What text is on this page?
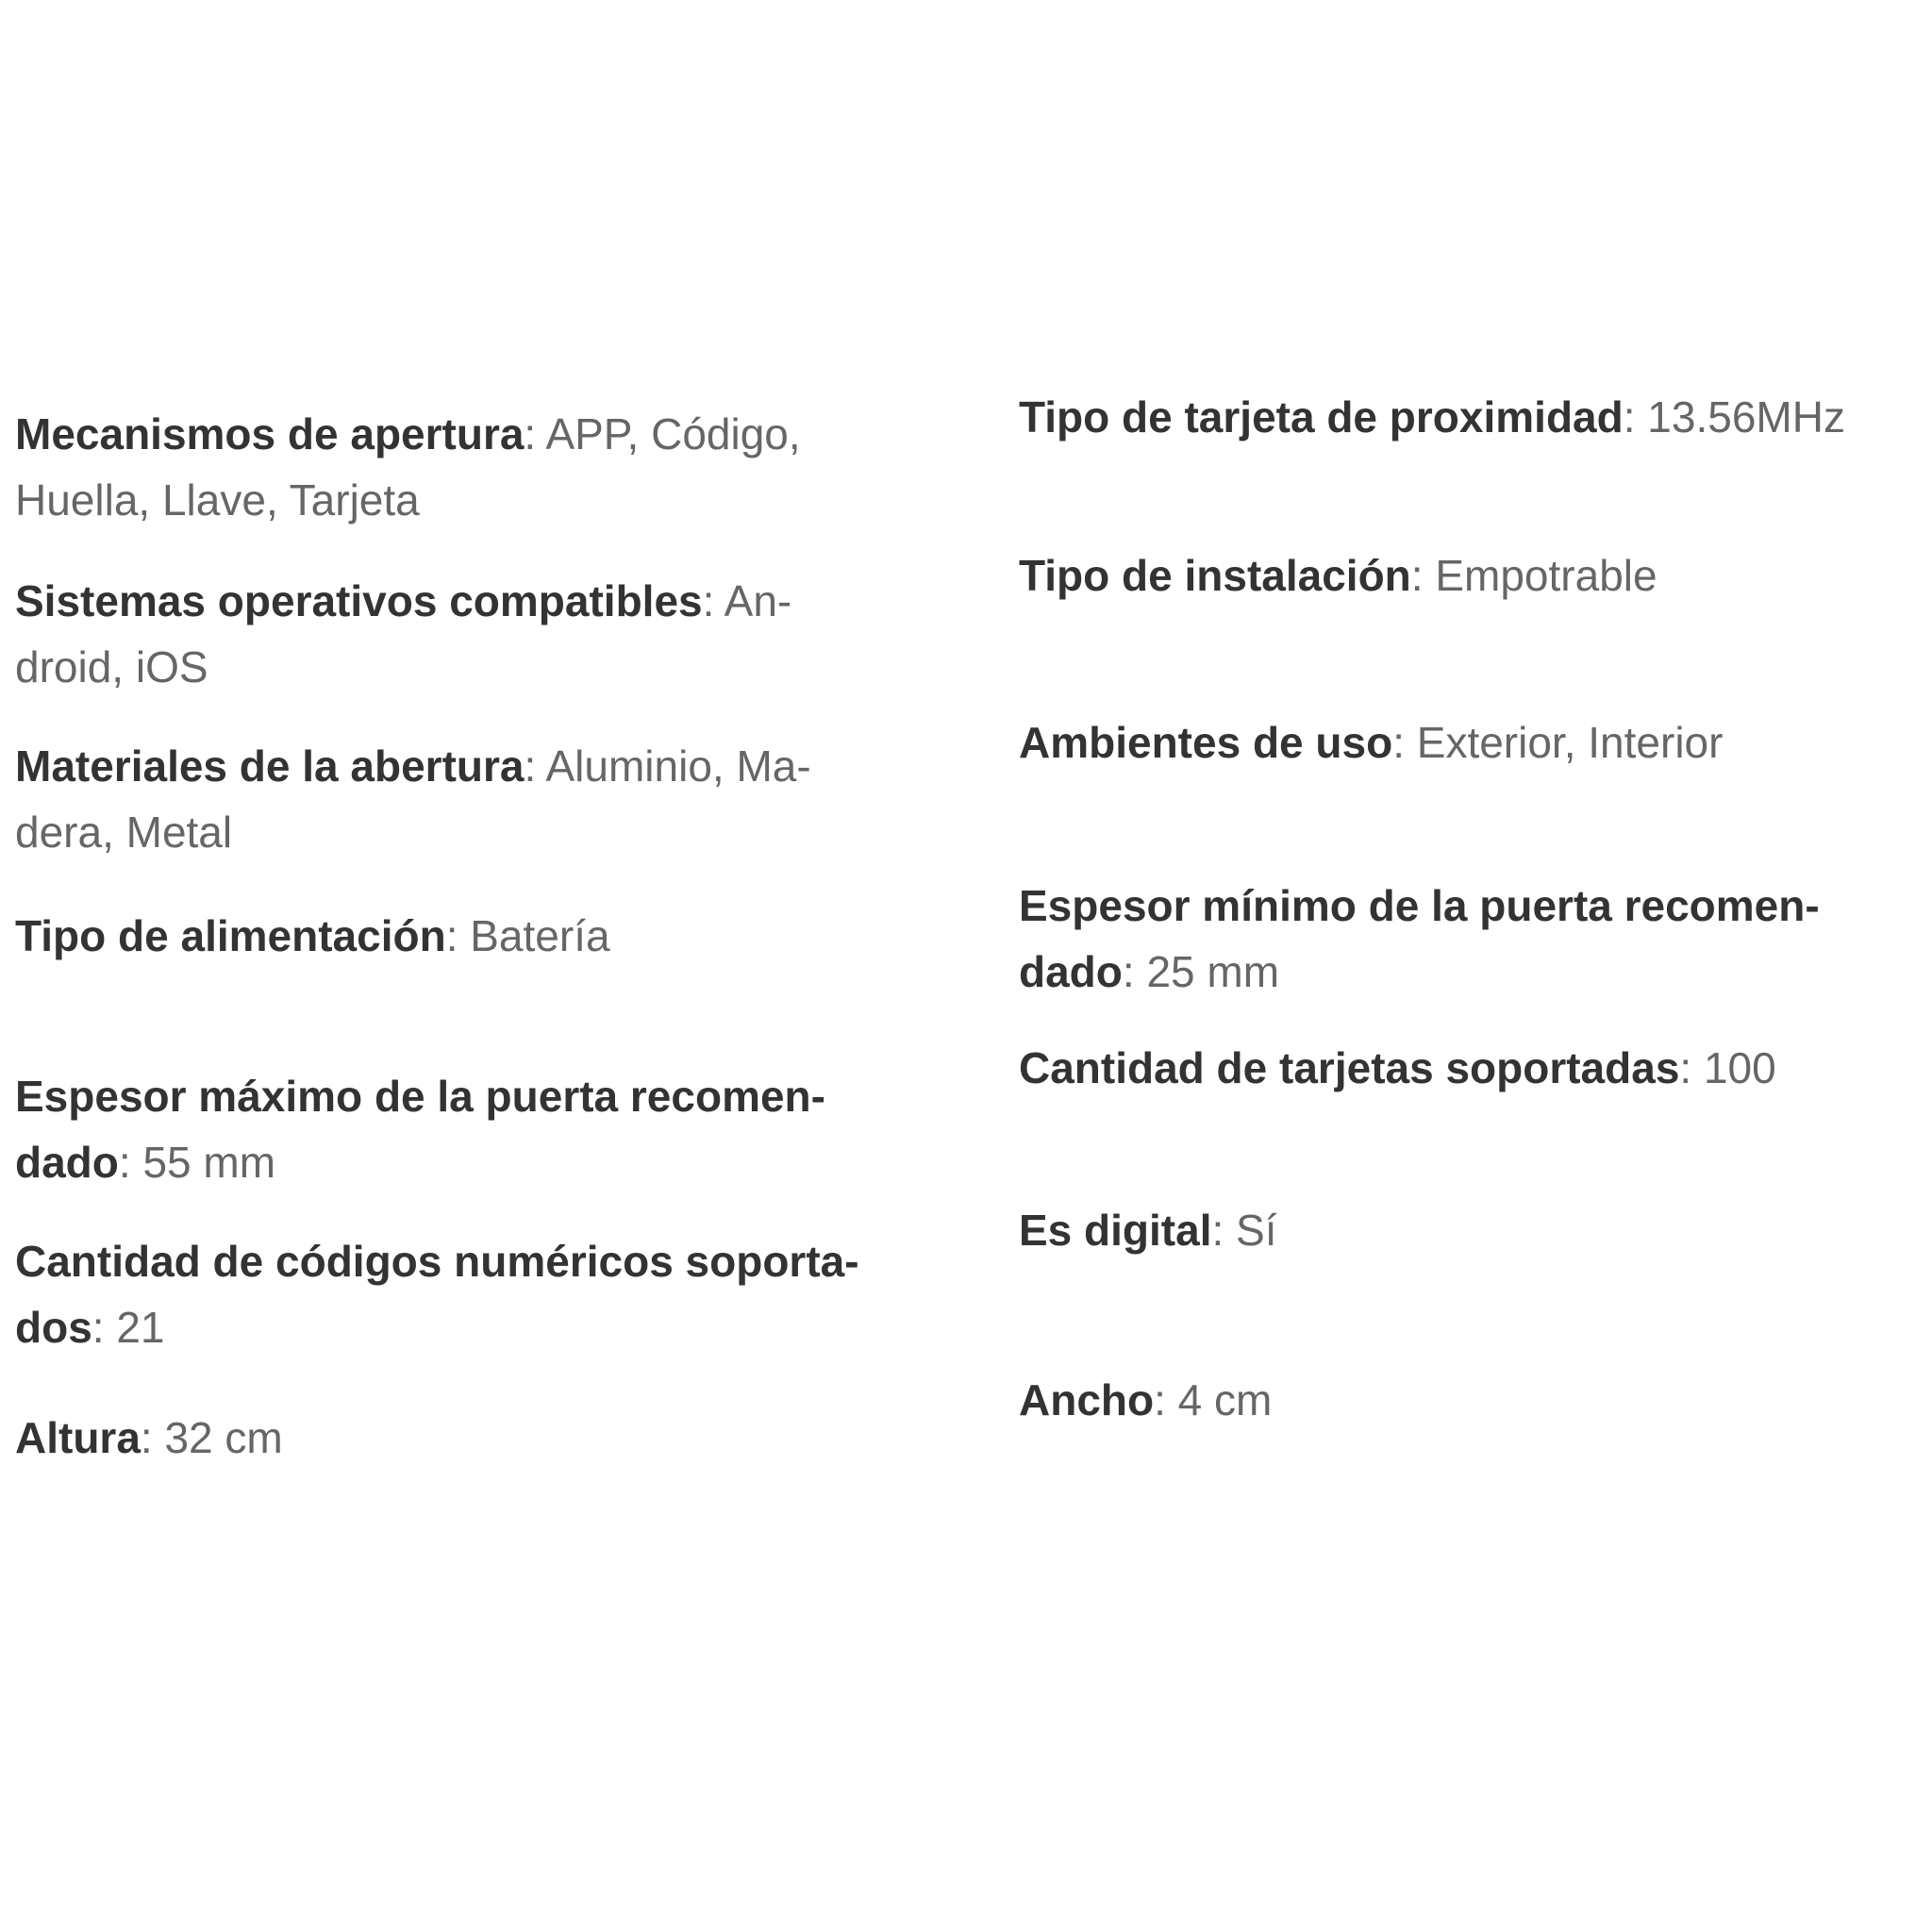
Mecanismos de apertura: APP, Código,
Huella, Llave, Tarjeta
Sistemas operativos compatibles: An-
droid, iOS
Materiales de la abertura: Aluminio, Ma-
dera, Metal
Tipo de alimentación: Batería
Espesor máximo de la puerta recomen-
dado: 55 mm
Cantidad de códigos numéricos soporta-
dos: 21
Altura: 32 cm
Tipo de tarjeta de proximidad: 13.56MHz
Tipo de instalación: Empotrable
Ambientes de uso: Exterior, Interior
Espesor mínimo de la puerta recomen-
dado: 25 mm
Cantidad de tarjetas soportadas: 100
Es digital: Sí
Ancho: 4 cm
